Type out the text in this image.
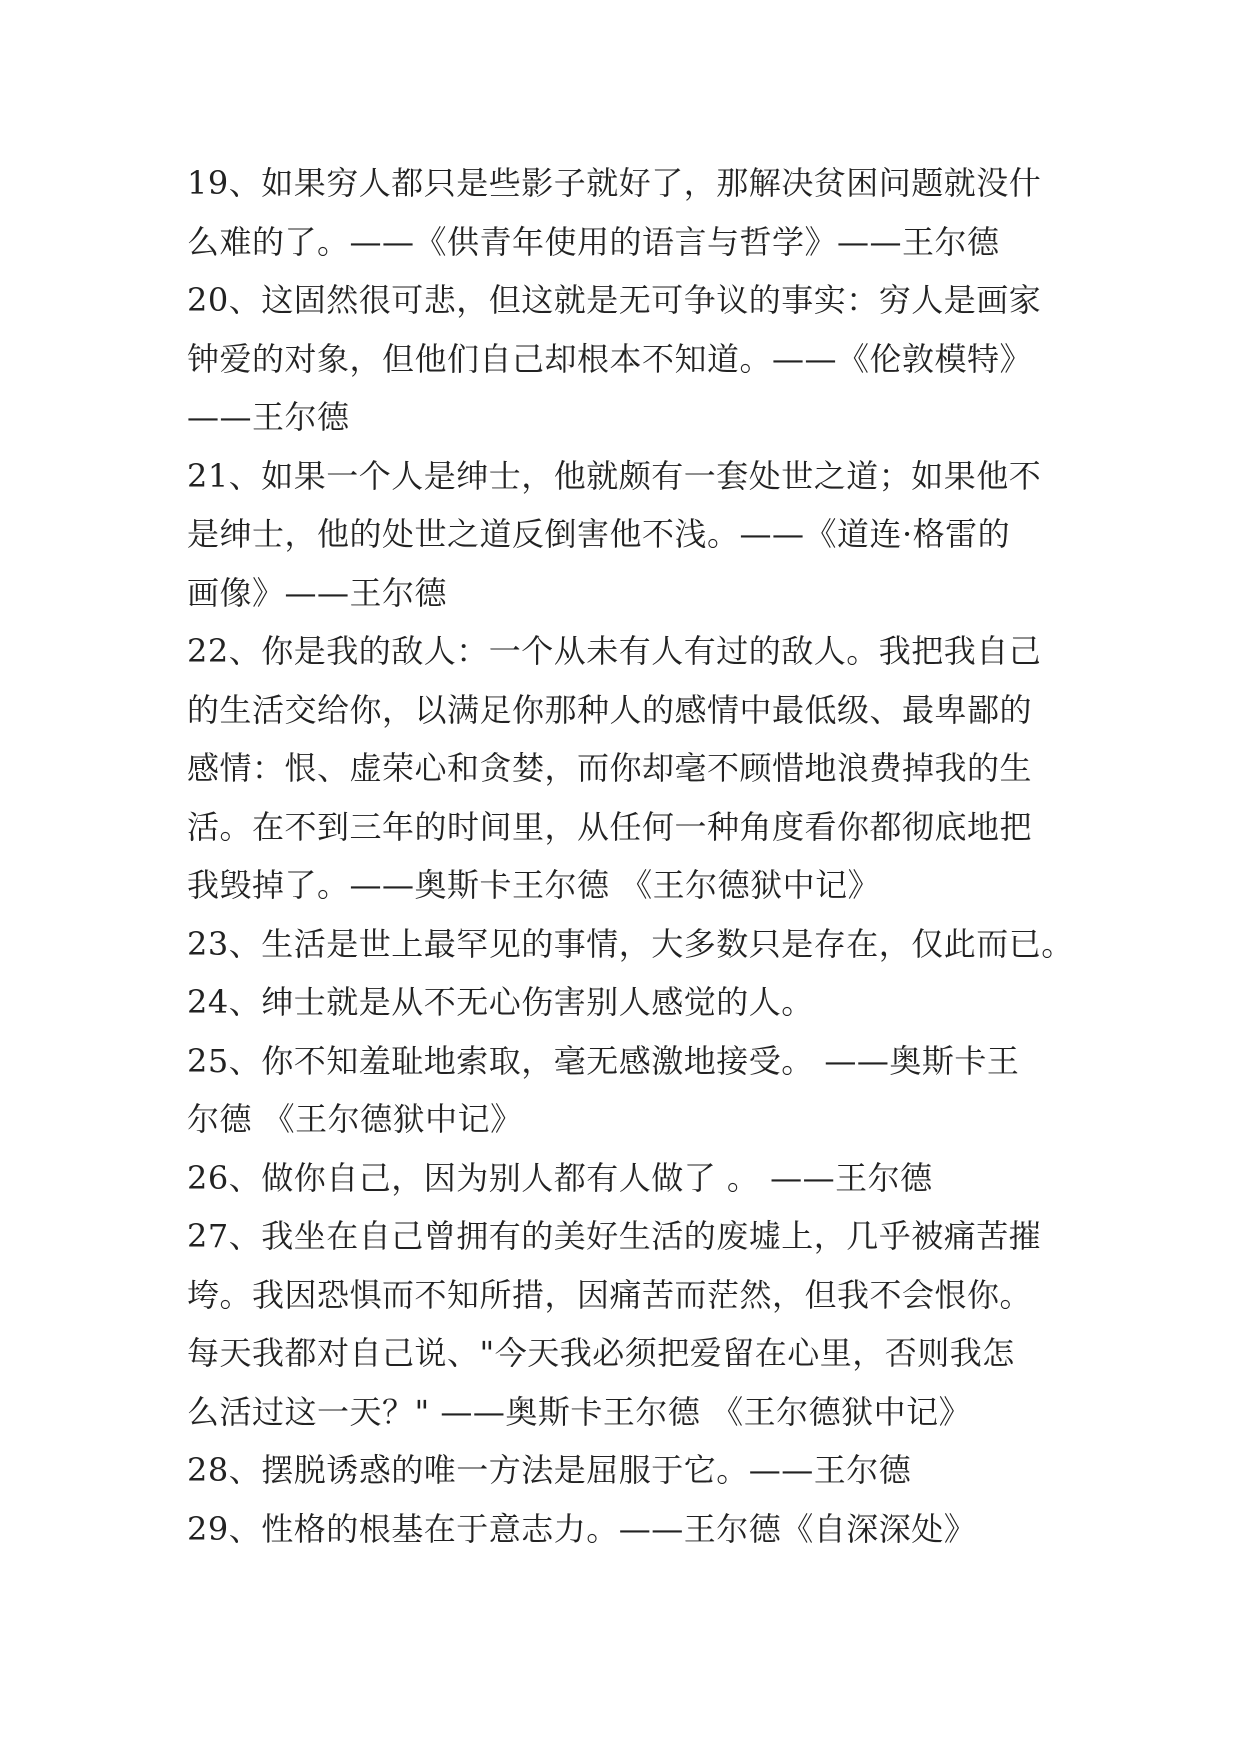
19、如果穷人都只是些影子就好了，那解决贫困问题就没什
么难的了。——《供青年使用的语言与哲学》——王尔德
20、这固然很可悲，但这就是无可争议的事实：穷人是画家
钟爱的对象，但他们自己却根本不知道。——《伦敦模特》
——王尔德
21、如果一个人是绅士，他就颇有一套处世之道；如果他不
是绅士，他的处世之道反倒害他不浅。——《道连·格雷的
画像》——王尔德
22、你是我的敌人：一个从未有人有过的敌人。我把我自己
的生活交给你，以满足你那种人的感情中最低级、最卑鄙的
感情：恨、虚荣心和贪婪，而你却毫不顾惜地浪费掉我的生
活。在不到三年的时间里，从任何一种角度看你都彻底地把
我毁掉了。——奥斯卡王尔德 《王尔德狱中记》
23、生活是世上最罕见的事情，大多数只是存在，仅此而已。
24、绅士就是从不无心伤害别人感觉的人。
25、你不知羞耻地索取，毫无感激地接受。 ——奥斯卡王
尔德 《王尔德狱中记》
26、做你自己，因为别人都有人做了 。 ——王尔德
27、我坐在自己曾拥有的美好生活的废墟上，几乎被痛苦摧
垮。我因恐惧而不知所措，因痛苦而茫然，但我不会恨你。
每天我都对自己说、"今天我必须把爱留在心里，否则我怎
么活过这一天？" ——奥斯卡王尔德 《王尔德狱中记》
28、摆脱诱惑的唯一方法是屈服于它。——王尔德
29、性格的根基在于意志力。——王尔德《自深深处》
